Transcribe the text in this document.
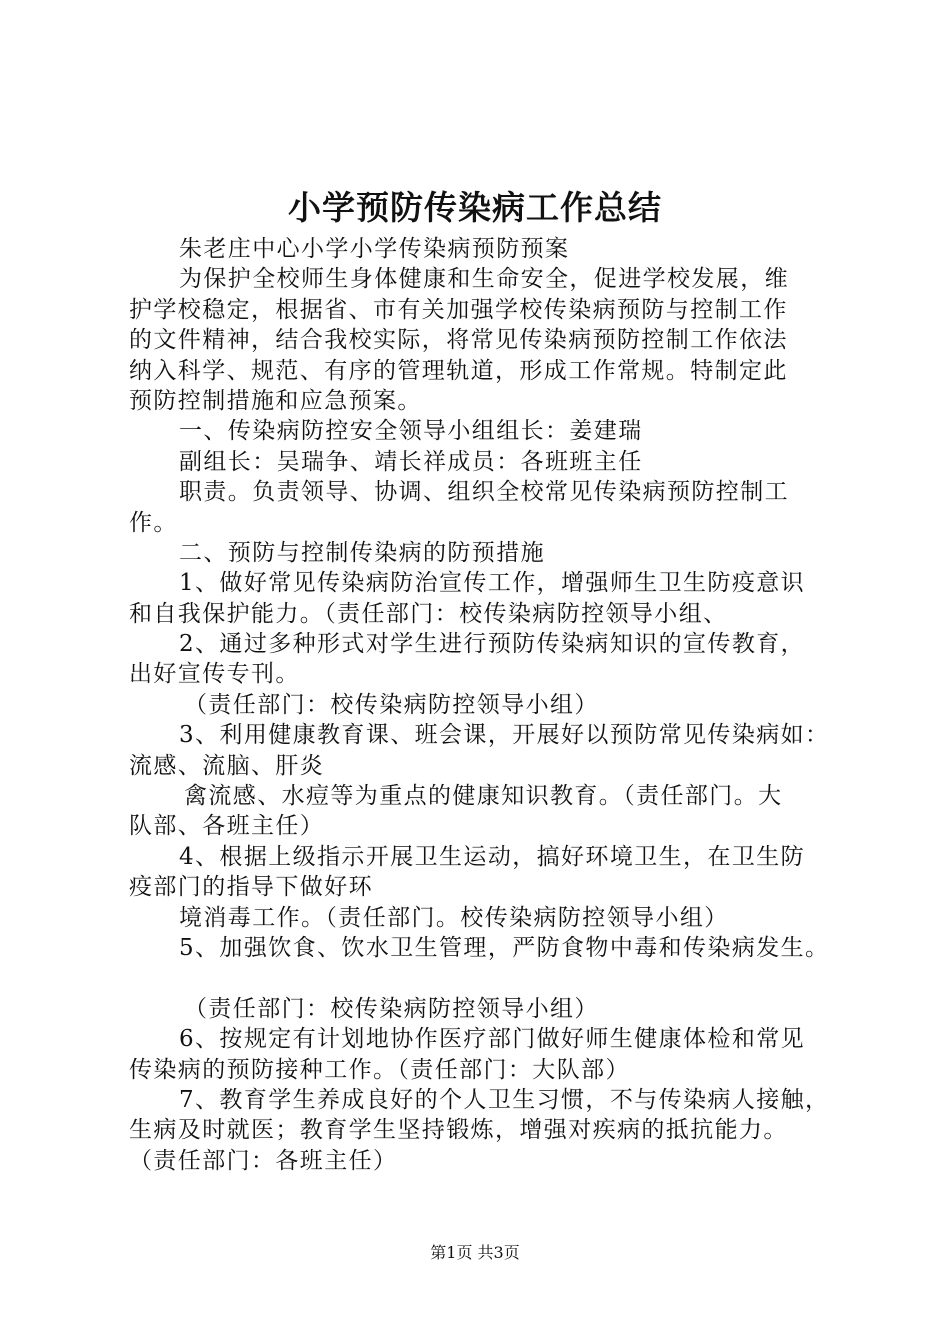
小学预防传染病工作总结
朱老庄中心小学小学传染病预防预案
为保护全校师生身体健康和生命安全，促进学校发展，维
护学校稳定，根据省、市有关加强学校传染病预防与控制工作
的文件精神，结合我校实际，将常见传染病预防控制工作依法
纳入科学、规范、有序的管理轨道，形成工作常规。特制定此
预防控制措施和应急预案。
一、传染病防控安全领导小组组长：姜建瑞
副组长：吴瑞争、靖长祥成员：各班班主任
职责。负责领导、协调、组织全校常见传染病预防控制工
作。
二、预防与控制传染病的防预措施
1、做好常见传染病防治宣传工作，增强师生卫生防疫意识
和自我保护能力。（责任部门：校传染病防控领导小组、
2、通过多种形式对学生进行预防传染病知识的宣传教育，
出好宣传专刊。
（责任部门：校传染病防控领导小组）
3、利用健康教育课、班会课，开展好以预防常见传染病如：
流感、流脑、肝炎
禽流感、水痘等为重点的健康知识教育。（责任部门。大
队部、各班主任）
4、根据上级指示开展卫生运动，搞好环境卫生，在卫生防
疫部门的指导下做好环
境消毒工作。（责任部门。校传染病防控领导小组）
5、加强饮食、饮水卫生管理，严防食物中毒和传染病发生。
（责任部门：校传染病防控领导小组）
6、按规定有计划地协作医疗部门做好师生健康体检和常见
传染病的预防接种工作。（责任部门：大队部）
7、教育学生养成良好的个人卫生习惯，不与传染病人接触，
生病及时就医；教育学生坚持锻炼，增强对疾病的抵抗能力。
（责任部门：各班主任）
第1页 共3页
